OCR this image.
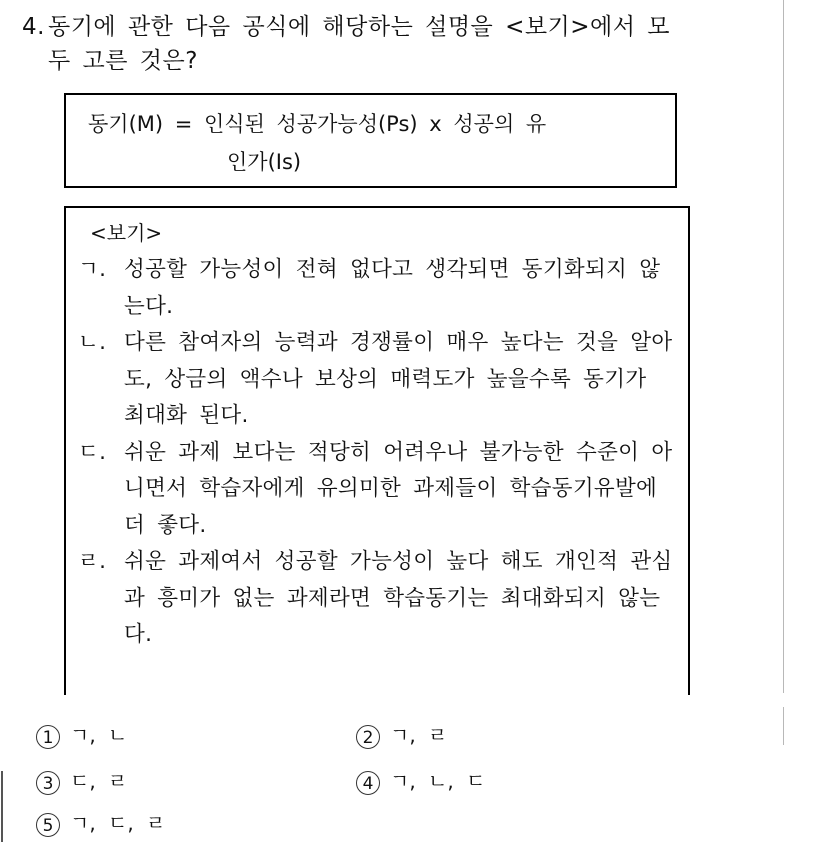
4. 동기에 관한 다음 공식에 해당하는 설명을 <보기>에서 모
두 고른 것은?
동기(M) = 인식된 성공가능성(Ps) x 성공의 유
인가(Is)
<보기>
ㄱ. 성공할 가능성이 전혀 없다고 생각되면 동기화되지 않는다.
ㄴ. 다른 참여자의 능력과 경쟁률이 매우 높다는 것을 알아도, 상금의 액수나 보상의 매력도가 높을수록 동기가 최대화 된다.
ㄷ. 쉬운 과제 보다는 적당히 어려우나 불가능한 수준이 아니면서 학습자에게 유의미한 과제들이 학습동기유발에 더 좋다.
ㄹ. 쉬운 과제여서 성공할 가능성이 높다 해도 개인적 관심과 흥미가 없는 과제라면 학습동기는 최대화되지 않는다.
1 ㄱ, ㄴ	2 ㄱ, ㄹ
3 ㄷ, ㄹ	4 ㄱ, ㄴ, ㄷ
5 ㄱ, ㄷ, ㄹ
